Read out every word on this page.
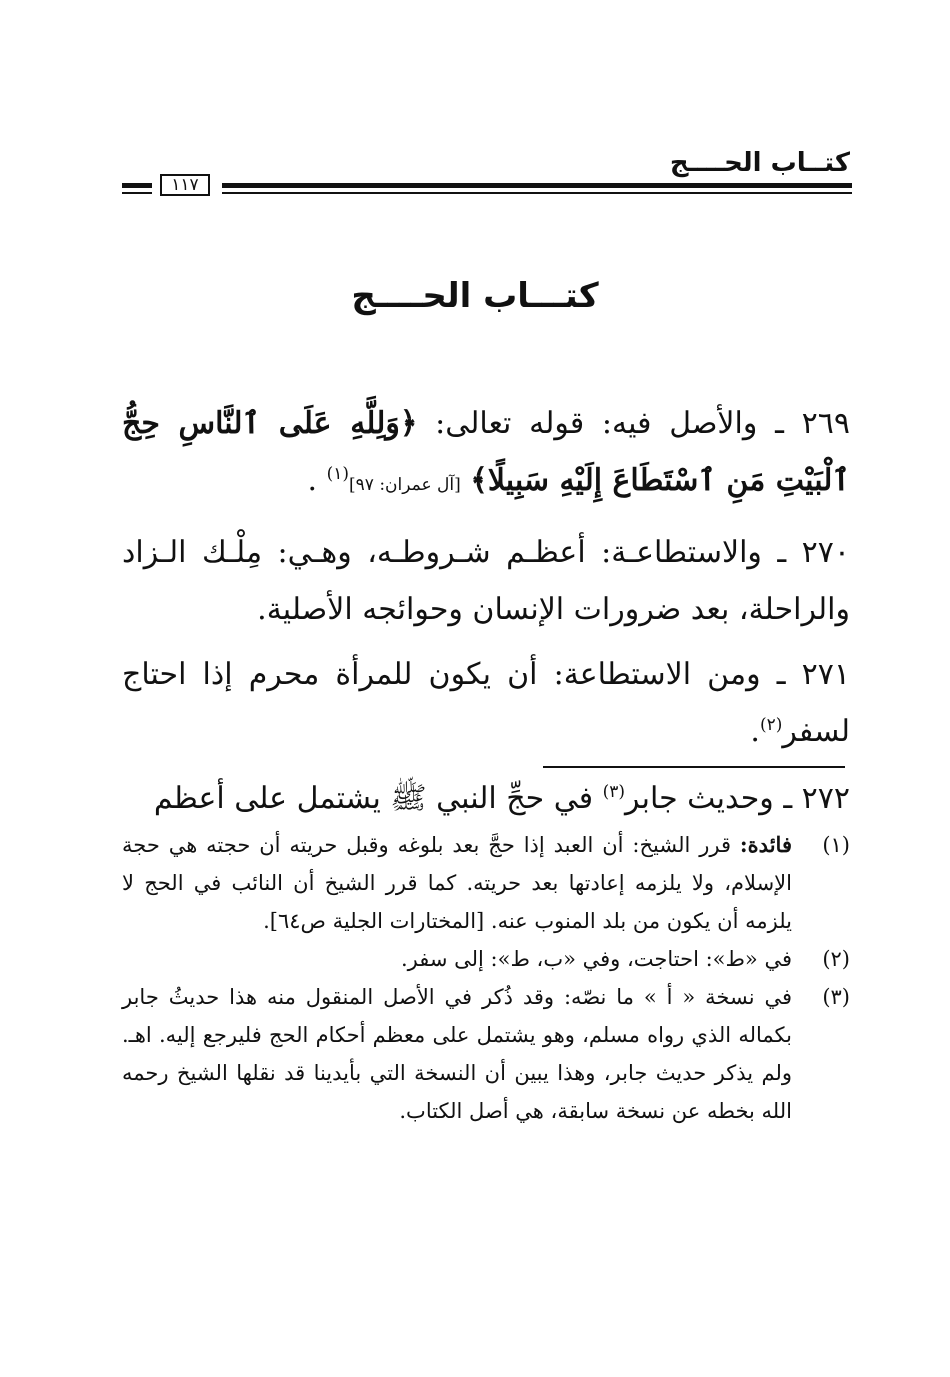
كتــاب الحــــج
١١٧
كتـــاب الحــــج

٢٦٩ ـ والأصل فيه: قوله تعالى: ﴿وَلِلَّهِ عَلَى ٱلنَّاسِ حِجُّ ٱلْبَيْتِ مَنِ ٱسْتَطَاعَ إِلَيْهِ سَبِيلًا﴾ [آل عمران: ٩٧]$^{(١)}$ .

٢٧٠ ـ والاستطاعـة: أعظـم شـروطـه، وهـي: مِلْـك الـزاد والراحلة، بعد ضرورات الإنسان وحوائجه الأصلية.

٢٧١ ـ ومن الاستطاعة: أن يكون للمرأة محرم إذا احتاج لسفر$^{(٢)}$.

٢٧٢ ـ وحديث جابر$^{(٣)}$ في حجِّ النبي ﷺ يشتمل على أعظم

(١)
فائدة: قرر الشيخ: أن العبد إذا حجَّ بعد بلوغه وقبل حريته أن حجته هي حجة الإسلام، ولا يلزمه إعادتها بعد حريته. كما قرر الشيخ أن النائب في الحج لا يلزمه أن يكون من بلد المنوب عنه. [المختارات الجلية ص٦٤].

(٢)
في «ط»: احتاجت، وفي «ب، ط»: إلى سفر.

(٣)
في نسخة « أ » ما نصّه: وقد ذُكر في الأصل المنقول منه هذا حديثُ جابر بكماله الذي رواه مسلم، وهو يشتمل على معظم أحكام الحج فليرجع إليه. اهـ. ولم يذكر حديث جابر، وهذا يبين أن النسخة التي بأيدينا قد نقلها الشيخ رحمه الله بخطه عن نسخة سابقة، هي أصل الكتاب.
